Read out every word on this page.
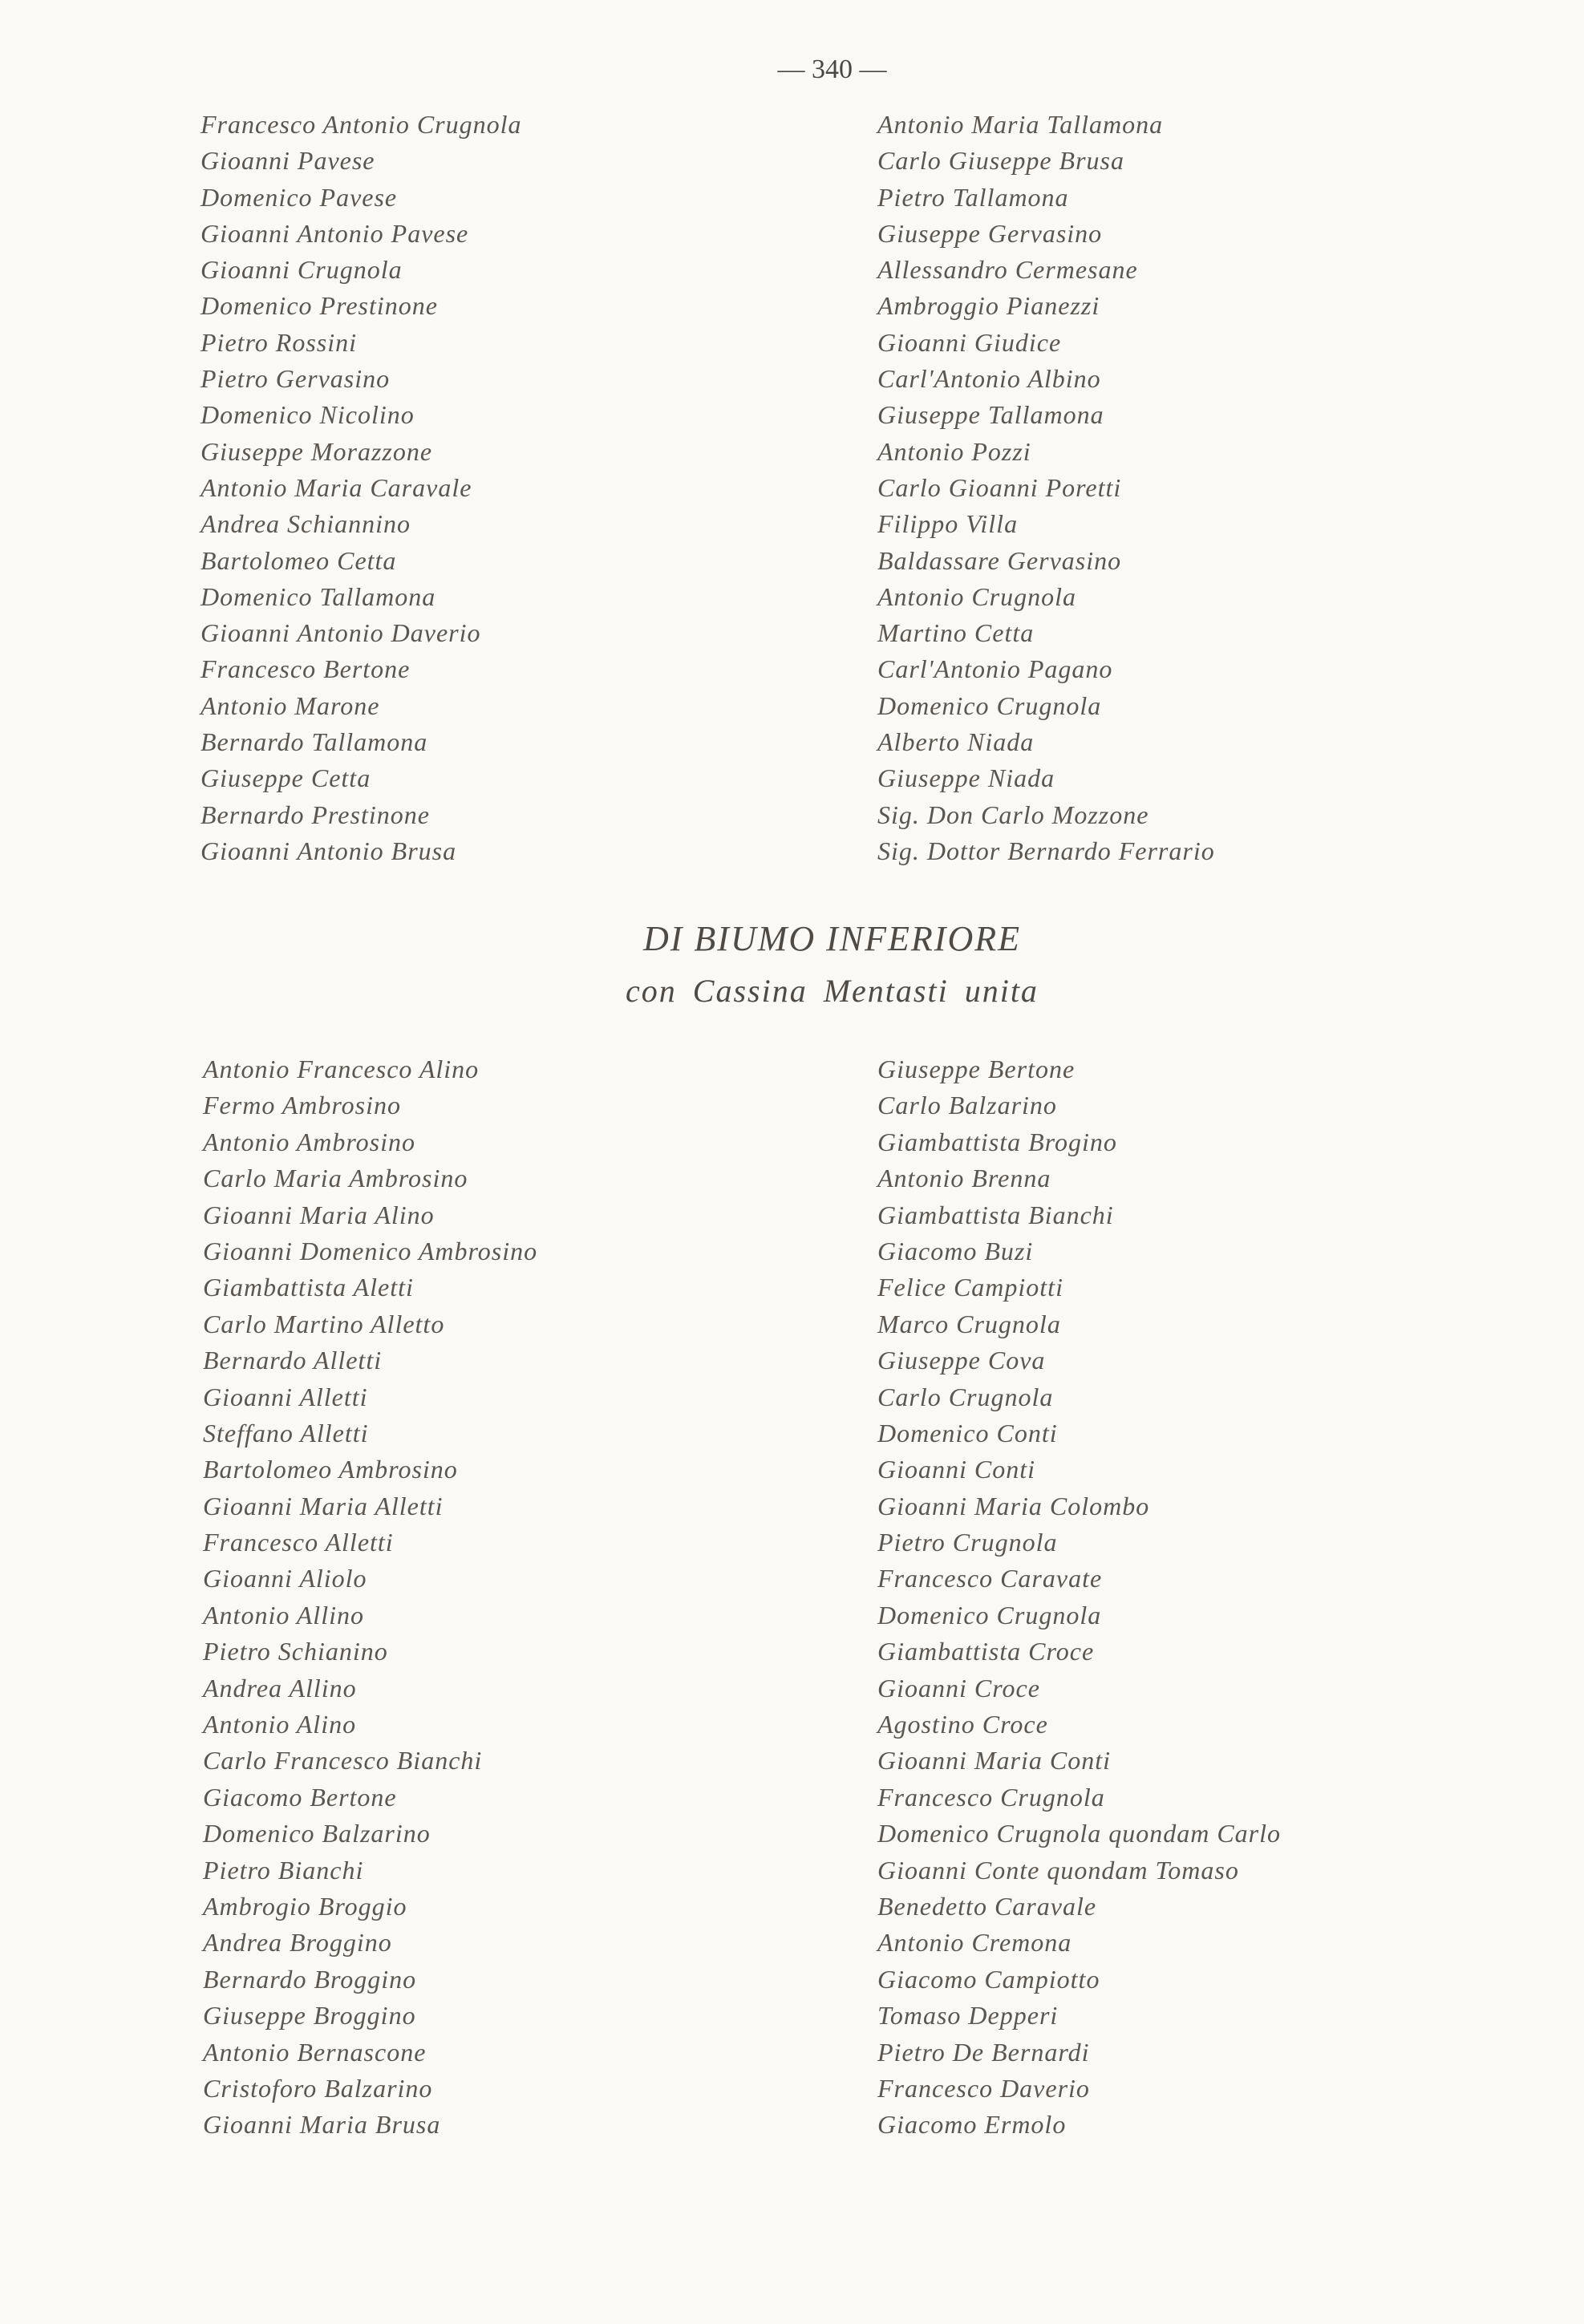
— 340 —
Francesco Antonio Crugnola
Gioanni Pavese
Domenico Pavese
Gioanni Antonio Pavese
Gioanni Crugnola
Domenico Prestinone
Pietro Rossini
Pietro Gervasino
Domenico Nicolino
Giuseppe Morazzone
Antonio Maria Caravale
Andrea Schiannino
Bartolomeo Cetta
Domenico Tallamona
Gioanni Antonio Daverio
Francesco Bertone
Antonio Marone
Bernardo Tallamona
Giuseppe Cetta
Bernardo Prestinone
Gioanni Antonio Brusa
Antonio Maria Tallamona
Carlo Giuseppe Brusa
Pietro Tallamona
Giuseppe Gervasino
Allessandro Cermesane
Ambroggio Pianezzi
Gioanni Giudice
Carl'Antonio Albino
Giuseppe Tallamona
Antonio Pozzi
Carlo Gioanni Poretti
Filippo Villa
Baldassare Gervasino
Antonio Crugnola
Martino Cetta
Carl'Antonio Pagano
Domenico Crugnola
Alberto Niada
Giuseppe Niada
Sig. Don Carlo Mozzone
Sig. Dottor Bernardo Ferrario
DI BIUMO INFERIORE
con Cassina Mentasti unita
Antonio Francesco Alino
Fermo Ambrosino
Antonio Ambrosino
Carlo Maria Ambrosino
Gioanni Maria Alino
Gioanni Domenico Ambrosino
Giambattista Aletti
Carlo Martino Alletto
Bernardo Alletti
Gioanni Alletti
Steffano Alletti
Bartolomeo Ambrosino
Gioanni Maria Alletti
Francesco Alletti
Gioanni Aliolo
Antonio Allino
Pietro Schianino
Andrea Allino
Antonio Alino
Carlo Francesco Bianchi
Giacomo Bertone
Domenico Balzarino
Pietro Bianchi
Ambrogio Broggio
Andrea Broggino
Bernardo Broggino
Giuseppe Broggino
Antonio Bernascone
Cristoforo Balzarino
Gioanni Maria Brusa
Giuseppe Bertone
Carlo Balzarino
Giambattista Brogino
Antonio Brenna
Giambattista Bianchi
Giacomo Buzi
Felice Campiotti
Marco Crugnola
Giuseppe Cova
Carlo Crugnola
Domenico Conti
Gioanni Conti
Gioanni Maria Colombo
Pietro Crugnola
Francesco Caravate
Domenico Crugnola
Giambattista Croce
Gioanni Croce
Agostino Croce
Gioanni Maria Conti
Francesco Crugnola
Domenico Crugnola quondam Carlo
Gioanni Conte quondam Tomaso
Benedetto Caravale
Antonio Cremona
Giacomo Campiotto
Tomaso Depperi
Pietro De Bernardi
Francesco Daverio
Giacomo Ermolo
